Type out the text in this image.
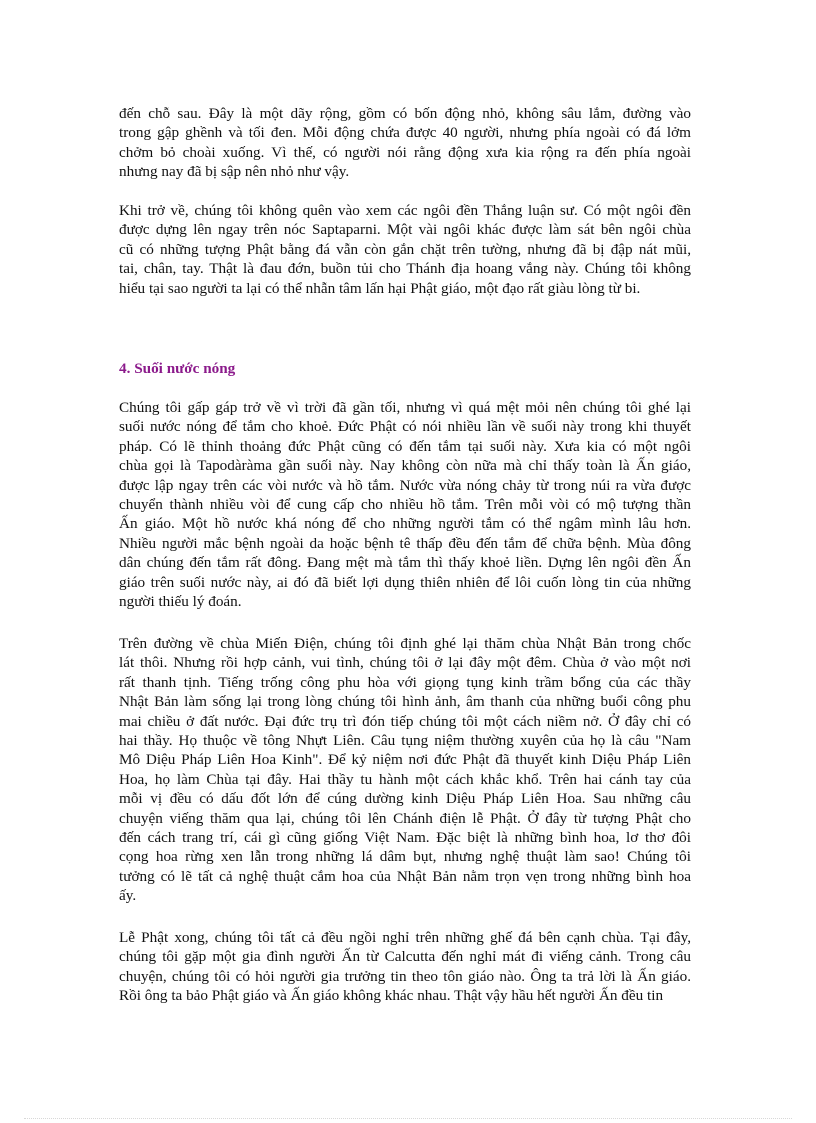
đến chỗ sau. Đây là một dãy rộng, gồm có bốn động nhỏ, không sâu lắm, đường vào
trong gập ghềnh và tối đen. Mỗi động chứa được 40 người, nhưng phía ngoài có đá lởm
chởm bỏ choài xuống. Vì thế, có người nói rằng động xưa kia rộng ra đến phía ngoài
nhưng nay đã bị sập nên nhỏ như vậy.
Khi trở về, chúng tôi không quên vào xem các ngôi đền Thắng luận sư. Có một ngôi đền
được dựng lên ngay trên nóc Saptaparni. Một vài ngôi khác được làm sát bên ngôi chùa
cũ có những tượng Phật bằng đá vẫn còn gắn chặt trên tường, nhưng đã bị đập nát mũi,
tai, chân, tay. Thật là đau đớn, buồn tủi cho Thánh địa hoang vắng này. Chúng tôi không
hiểu tại sao người ta lại có thể nhẫn tâm lấn hại Phật giáo, một đạo rất giàu lòng từ bi.
4. Suối nước nóng
Chúng tôi gấp gáp trở về vì trời đã gần tối, nhưng vì quá mệt mỏi nên chúng tôi ghé lại
suối nước nóng để tắm cho khoẻ. Đức Phật có nói nhiều lần về suối này trong khi thuyết
pháp. Có lẽ thỉnh thoảng đức Phật cũng có đến tắm tại suối này. Xưa kia có một ngôi
chùa gọi là Tapodàràma gần suối này. Nay không còn nữa mà chỉ thấy toàn là Ấn giáo,
được lập ngay trên các vòi nước và hồ tắm. Nước vừa nóng chảy từ trong núi ra vừa được
chuyển thành nhiều vòi để cung cấp cho nhiều hồ tắm. Trên mỗi vòi có mộ tượng thần
Ấn giáo. Một hồ nước khá nóng để cho những người tắm có thể ngâm mình lâu hơn.
Nhiều người mắc bệnh ngoài da hoặc bệnh tê thấp đều đến tắm để chữa bệnh. Mùa đông
dân chúng đến tắm rất đông. Đang mệt mà tắm thì thấy khoẻ liền. Dựng lên ngôi đền Ấn
giáo trên suối nước này, ai đó đã biết lợi dụng thiên nhiên để lôi cuốn lòng tin của những
người thiếu lý đoán.
Trên đường về chùa Miến Điện, chúng tôi định ghé lại thăm chùa Nhật Bản trong chốc
lát thôi. Nhưng rồi hợp cảnh, vui tình, chúng tôi ở lại đây một đêm. Chùa ở vào một nơi
rất thanh tịnh. Tiếng trống công phu hòa với giọng tụng kinh trầm bổng của các thầy
Nhật Bản làm sống lại trong lòng chúng tôi hình ảnh, âm thanh của những buổi công phu
mai chiều ở đất nước. Đại đức trụ trì đón tiếp chúng tôi một cách niềm nở. Ở đây chỉ có
hai thầy. Họ thuộc về tông Nhựt Liên. Câu tụng niệm thường xuyên của họ là câu "Nam
Mô Diệu Pháp Liên Hoa Kinh". Để kỷ niệm nơi đức Phật đã thuyết kinh Diệu Pháp Liên
Hoa, họ làm Chùa tại đây. Hai thầy tu hành một cách khắc khổ. Trên hai cánh tay của
mỗi vị đều có dấu đốt lớn để cúng dường kinh Diệu Pháp Liên Hoa. Sau những câu
chuyện viếng thăm qua lại, chúng tôi lên Chánh điện lễ Phật. Ở đây từ tượng Phật cho
đến cách trang trí, cái gì cũng giống Việt Nam. Đặc biệt là những bình hoa, lơ thơ đôi
cọng hoa rừng xen lẫn trong những lá dâm bụt, nhưng nghệ thuật làm sao! Chúng tôi
tưởng có lẽ tất cả nghệ thuật cắm hoa của Nhật Bản nằm trọn vẹn trong những bình hoa
ấy.
Lễ Phật xong, chúng tôi tất cả đều ngồi nghỉ trên những ghế đá bên cạnh chùa. Tại đây,
chúng tôi gặp một gia đình người Ấn từ Calcutta đến nghỉ mát đi viếng cảnh. Trong câu
chuyện, chúng tôi có hỏi người gia trưởng tin theo tôn giáo nào. Ông ta trả lời là Ấn giáo.
Rồi ông ta bảo Phật giáo và Ấn giáo không khác nhau. Thật vậy hầu hết người Ấn đều tin
